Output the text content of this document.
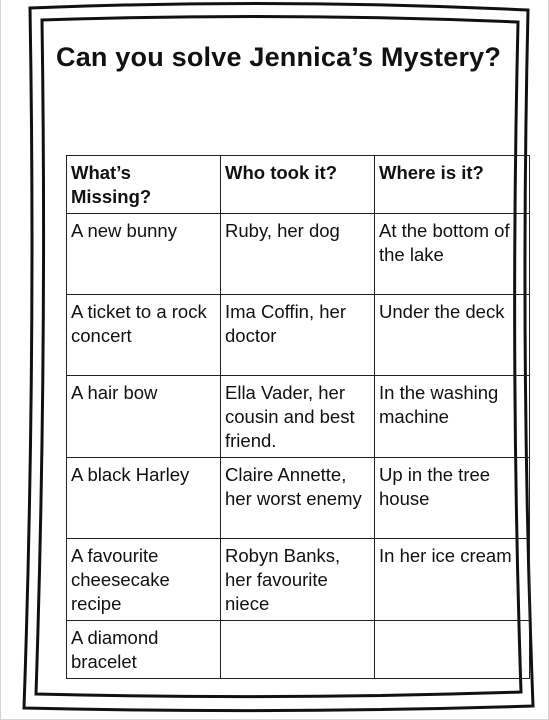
Can you solve Jennica’s Mystery?
What’s Missing?	Who took it?	Where is it?
A new bunny	Ruby, her dog	At the bottom of the lake
A ticket to a rock concert	Ima Coffin, her doctor	Under the deck
A hair bow	Ella Vader, her cousin and best friend.	In the washing machine
A black Harley	Claire Annette, her worst enemy	Up in the tree house
A favourite cheesecake recipe	Robyn Banks, her favourite niece	In her ice cream
A diamond bracelet		
